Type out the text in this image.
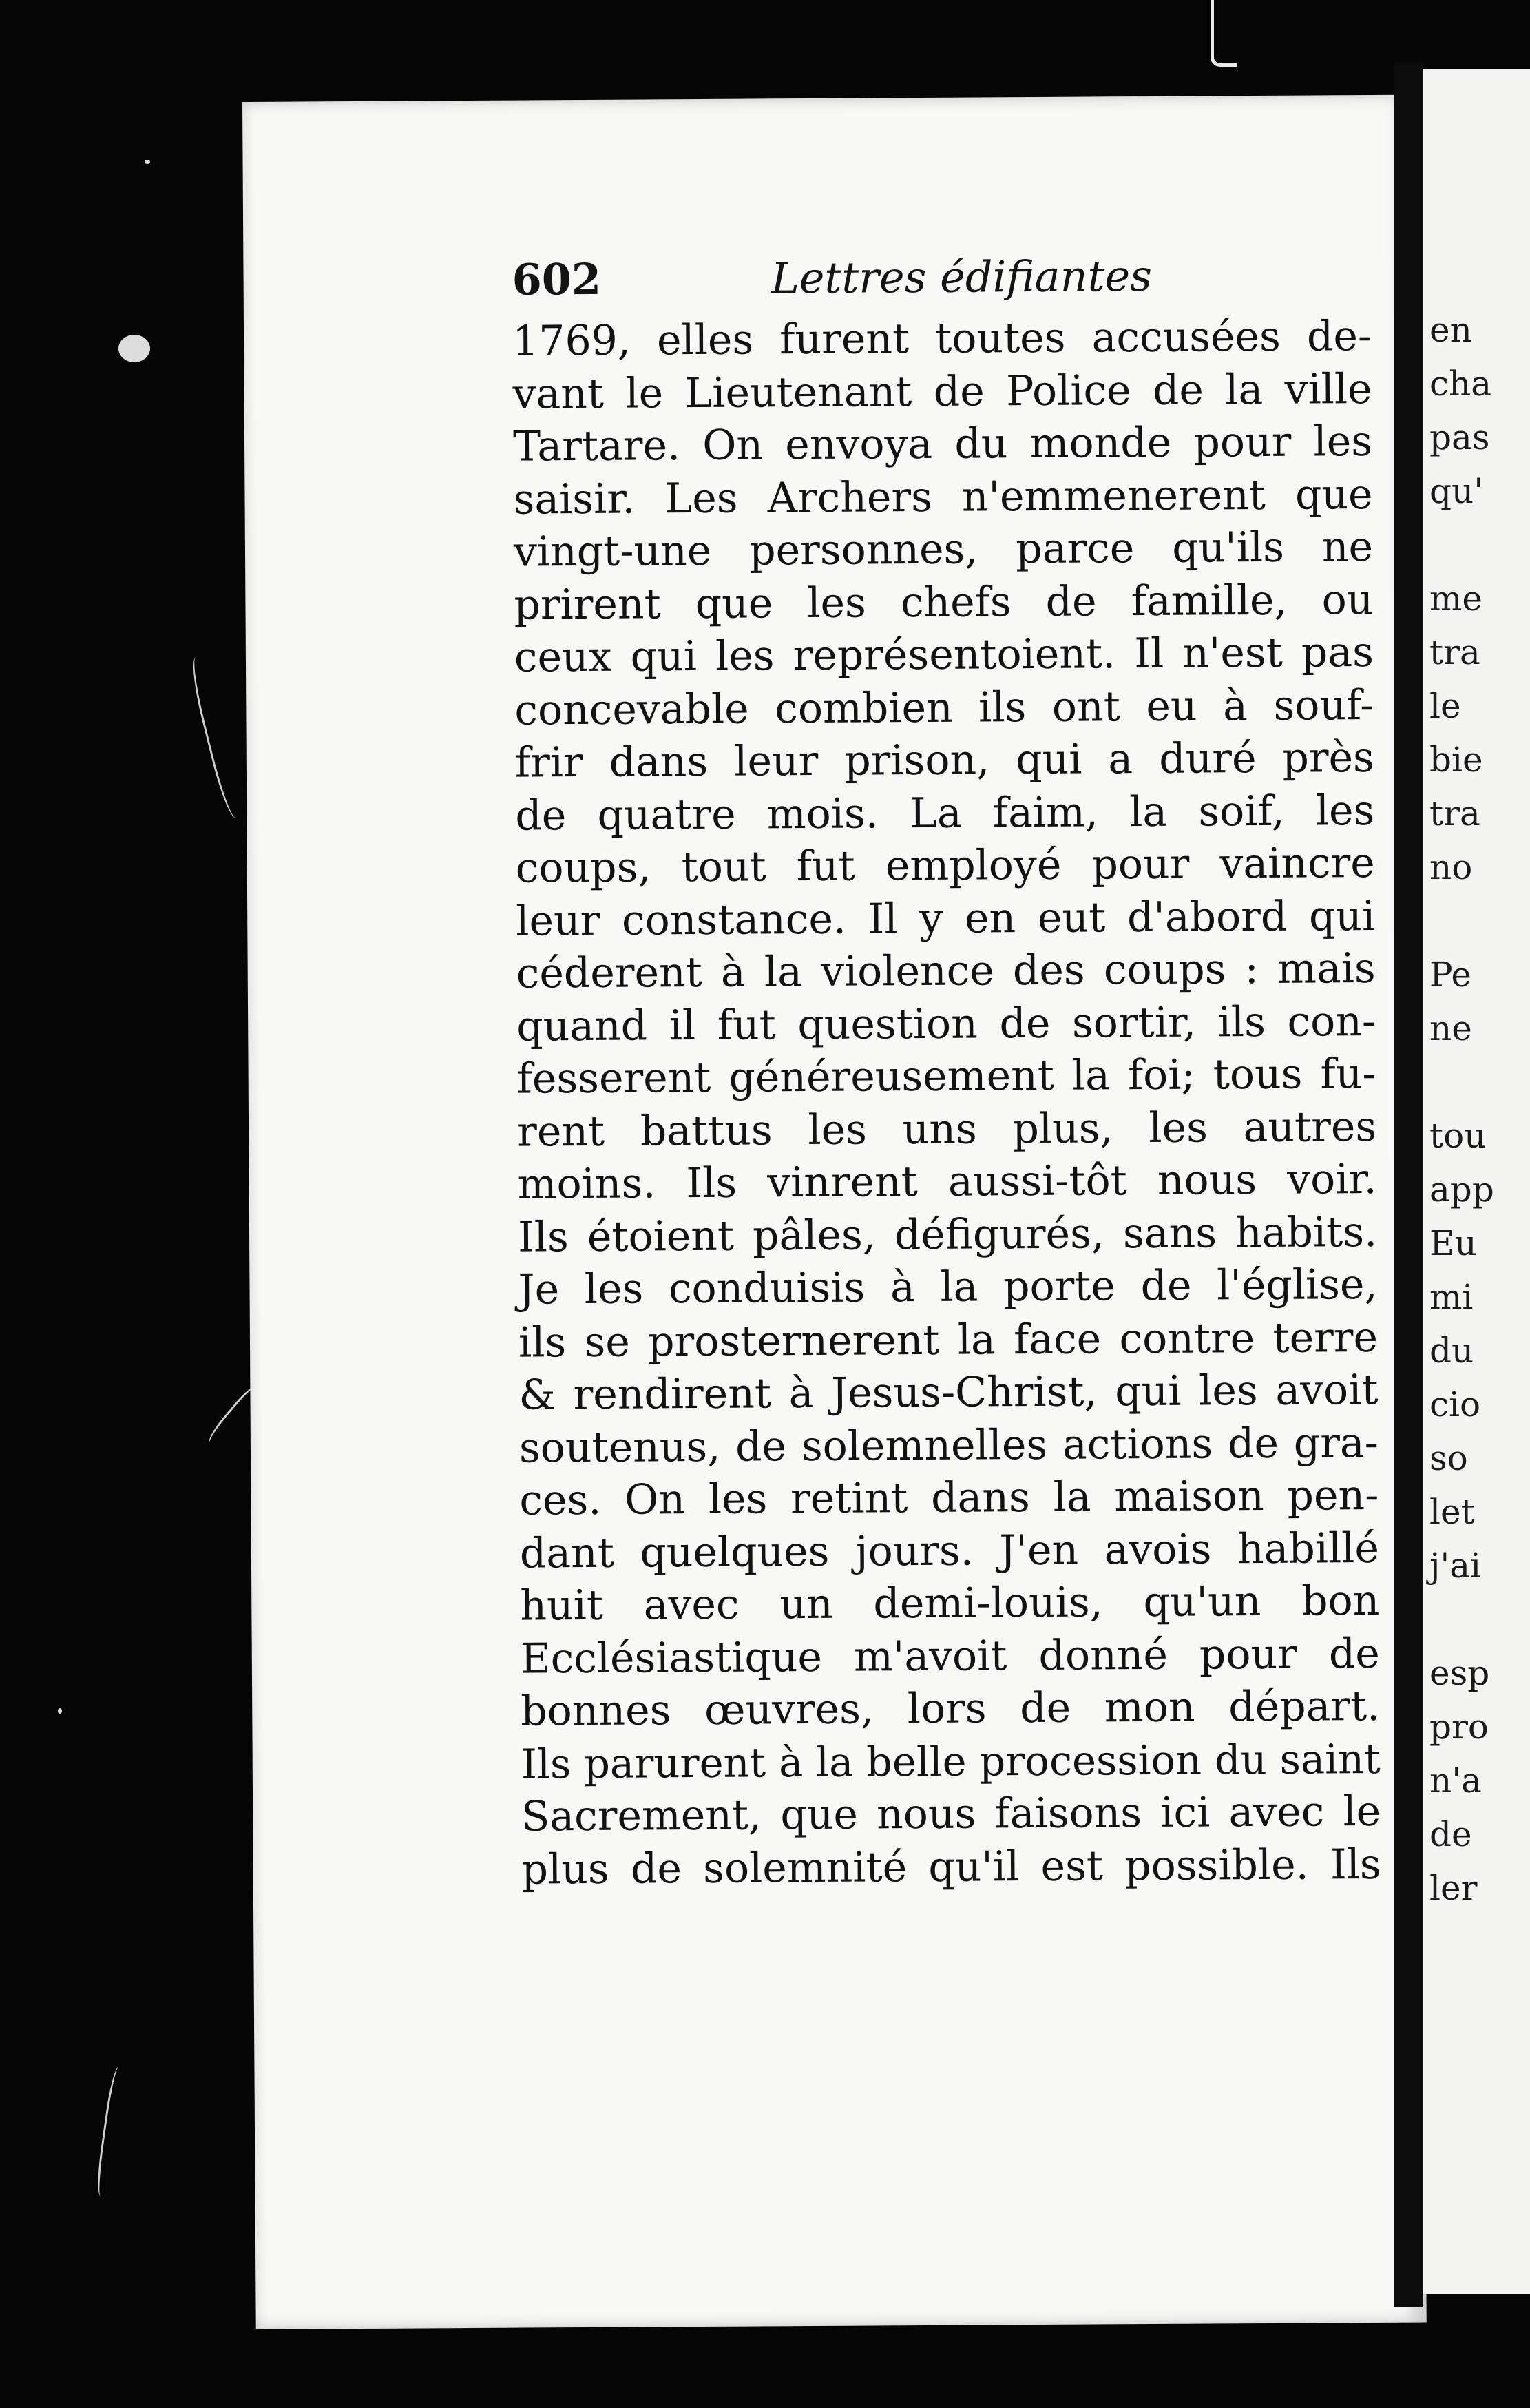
602	Lettres édifiantes
1769, elles furent toutes accusées de-
vant le Lieutenant de Police de la ville
Tartare. On envoya du monde pour les
saisir. Les Archers n'emmenerent que
vingt-une personnes, parce qu'ils ne
prirent que les chefs de famille, ou
ceux qui les représentoient. Il n'est pas
concevable combien ils ont eu à souf-
frir dans leur prison, qui a duré près
de quatre mois. La faim, la soif, les
coups, tout fut employé pour vaincre
leur constance. Il y en eut d'abord qui
céderent à la violence des coups : mais
quand il fut question de sortir, ils con-
fesserent généreusement la foi; tous fu-
rent battus les uns plus, les autres
moins. Ils vinrent aussi-tôt nous voir.
Ils étoient pâles, défigurés, sans habits.
Je les conduisis à la porte de l'église,
ils se prosternerent la face contre terre
& rendirent à Jesus-Christ, qui les avoit
soutenus, de solemnelles actions de gra-
ces. On les retint dans la maison pen-
dant quelques jours. J'en avois habillé
huit avec un demi-louis, qu'un bon
Ecclésiastique m'avoit donné pour de
bonnes œuvres, lors de mon départ.
Ils parurent à la belle procession du saint
Sacrement, que nous faisons ici avec le
plus de solemnité qu'il est possible. Ils
en
cha
pas
qu'
me
tra
le
bie
tra
no
Pe
ne
tou
app
Eu
mi
du
cio
so
let
j'ai
esp
pro
n'a
de
ler
